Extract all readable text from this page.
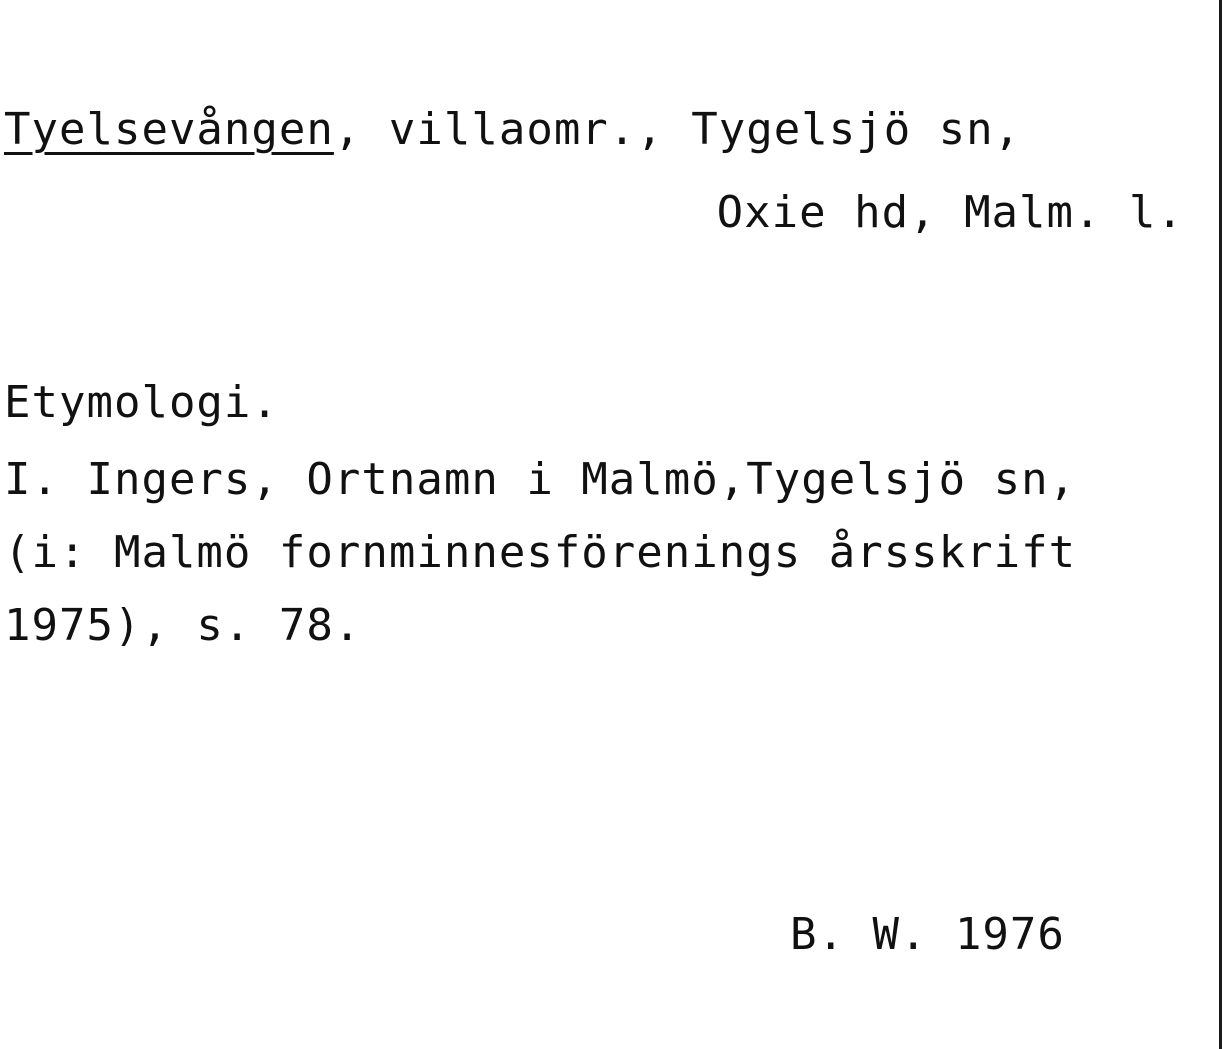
Tyelsevången, villaomr., Tygelsjö sn,
Oxie hd, Malm. l.
Etymologi.
I. Ingers, Ortnamn i Malmö,Tygelsjö sn,
(i: Malmö fornminnesförenings årsskrift
1975), s. 78.
B. W. 1976
